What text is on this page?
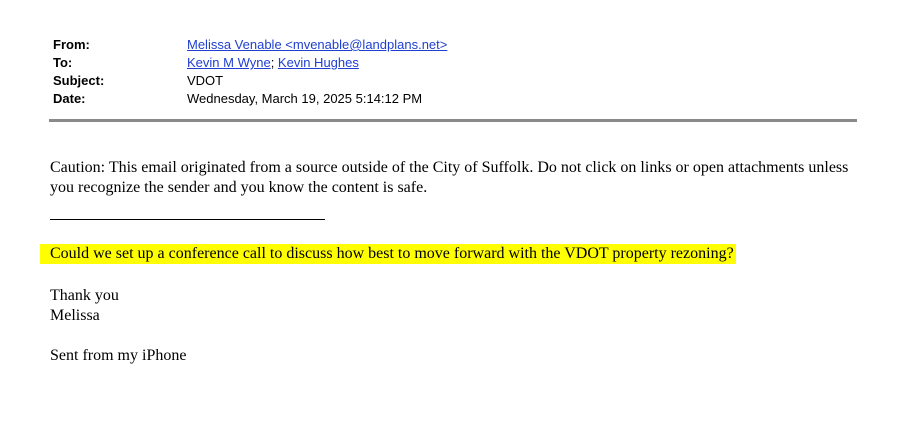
From:	Melissa Venable <mvenable@landplans.net>
To:	Kevin M Wyne; Kevin Hughes
Subject:	VDOT
Date:	Wednesday, March 19, 2025 5:14:12 PM

Caution: This email originated from a source outside of the City of Suffolk. Do not click on links or open attachments unless you recognize the sender and you know the content is safe.

Could we set up a conference call to discuss how best to move forward with the VDOT property rezoning?
Thank you
Melissa
Sent from my iPhone
